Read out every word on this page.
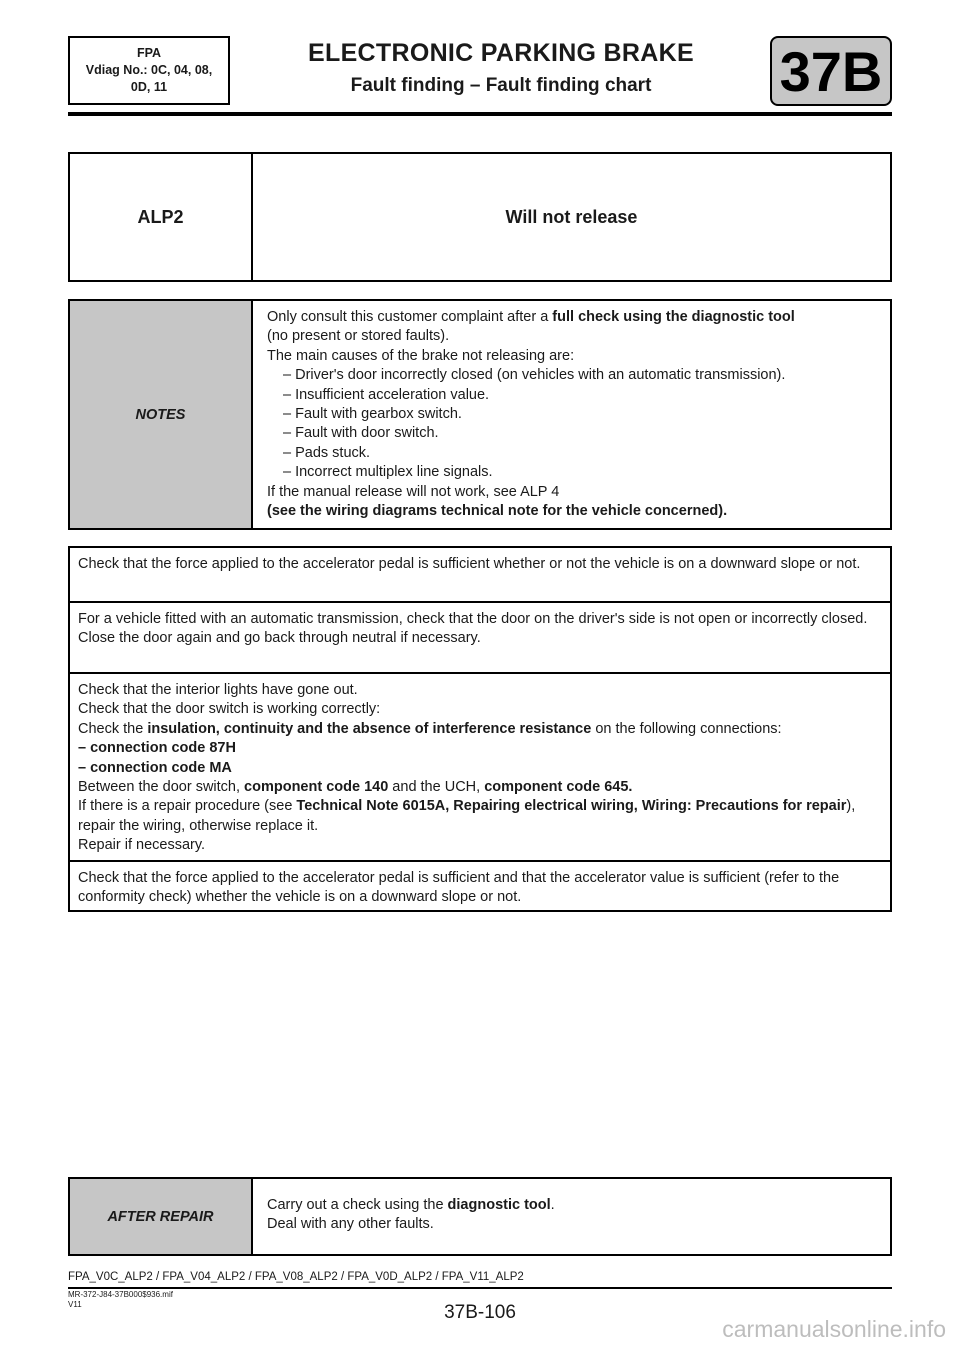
FPA
Vdiag No.: 0C, 04, 08,
0D, 11
ELECTRONIC PARKING BRAKE
Fault finding – Fault finding chart	37B
ALP2	Will not release
NOTES
Only consult this customer complaint after a full check using the diagnostic tool
(no present or stored faults).
The main causes of the brake not releasing are:
– Driver's door incorrectly closed (on vehicles with an automatic transmission).
– Insufficient acceleration value.
– Fault with gearbox switch.
– Fault with door switch.
– Pads stuck.
– Incorrect multiplex line signals.
If the manual release will not work, see ALP 4
(see the wiring diagrams technical note for the vehicle concerned).
Check that the force applied to the accelerator pedal is sufficient whether or not the vehicle is on a downward slope or not.
For a vehicle fitted with an automatic transmission, check that the door on the driver's side is not open or incorrectly closed.
Close the door again and go back through neutral if necessary.
Check that the interior lights have gone out.
Check that the door switch is working correctly:
Check the insulation, continuity and the absence of interference resistance on the following connections:
– connection code 87H
– connection code MA
Between the door switch, component code 140 and the UCH, component code 645.
If there is a repair procedure (see Technical Note 6015A, Repairing electrical wiring, Wiring: Precautions for repair), repair the wiring, otherwise replace it.
Repair if necessary.
Check that the force applied to the accelerator pedal is sufficient and that the accelerator value is sufficient (refer to the conformity check) whether the vehicle is on a downward slope or not.
AFTER REPAIR
Carry out a check using the diagnostic tool.
Deal with any other faults.
FPA_V0C_ALP2 / FPA_V04_ALP2 / FPA_V08_ALP2 / FPA_V0D_ALP2 / FPA_V11_ALP2
MR-372-J84-37B000$936.mif
V11	37B-106
carmanualsonline.info
